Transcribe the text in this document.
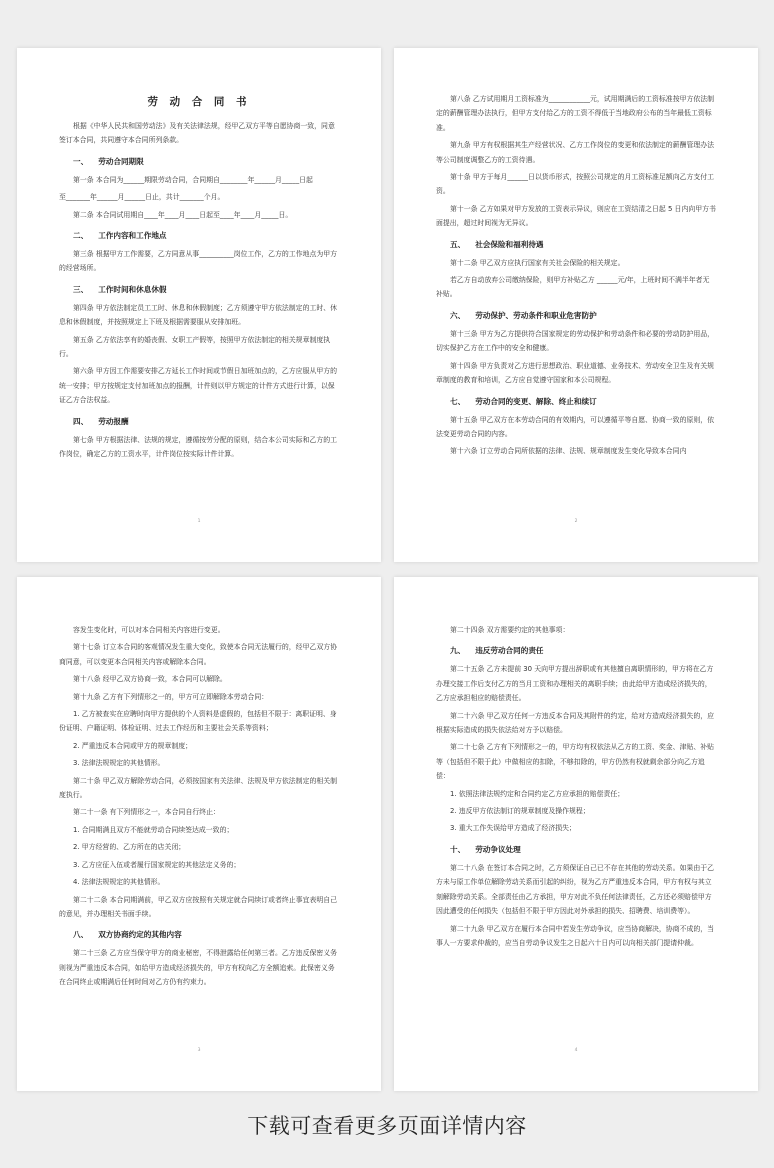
劳 动 合 同 书

根据《中华人民共和国劳动法》及有关法律法规，经甲乙双方平等自愿协商一致，同意签订本合同，共同遵守本合同所列条款。

一、 劳动合同期限

第一条 本合同为______期限劳动合同，合同期自________年______月_____日起

至_______年______月______日止，共计_______个月。

第二条 本合同试用期自____年____月____日起至____年____月_____日。

二、 工作内容和工作地点

第三条 根据甲方工作需要，乙方同意从事__________岗位工作，乙方的工作地点为甲方的经营场所。

三、 工作时间和休息休假

第四条 甲方依法制定员工工时、休息和休假制度；乙方须遵守甲方依法制定的工时、休息和休假制度，并按照规定上下班及根据需要服从安排加班。

第五条 乙方依法享有的婚丧假、女职工产假等，按照甲方依法制定的相关规章制度执行。

第六条 甲方因工作需要安排乙方延长工作时间或节假日加班加点的，乙方应服从甲方的统一安排；甲方按规定支付加班加点的报酬，计件则以甲方规定的计件方式进行计算，以保证乙方合法权益。

四、 劳动报酬

第七条 甲方根据法律、法规的规定，遵循按劳分配的原则，结合本公司实际和乙方的工作岗位，确定乙方的工资水平，计件岗位按实际计件计算。

1

第八条 乙方试用期月工资标准为____________元，试用期满后的工资标准按甲方依法制定的薪酬管理办法执行，但甲方支付给乙方的工资不得低于当地政府公布的当年最低工资标准。

第九条 甲方有权根据其生产经营状况、乙方工作岗位的变更和依法制定的薪酬管理办法等公司制度调整乙方的工资待遇。

第十条 甲方于每月______日以货币形式，按照公司规定的月工资标准足额向乙方支付工资。

第十一条 乙方如果对甲方发放的工资表示异议，则应在工资结清之日起 5 日内向甲方书面提出，超过时间视为无异议。

五、 社会保险和福利待遇

第十二条 甲乙双方应执行国家有关社会保险的相关规定。

若乙方自动放弃公司缴纳保险，则甲方补贴乙方 ______元/年，上班时间不满半年者无补贴。

六、 劳动保护、劳动条件和职业危害防护

第十三条 甲方为乙方提供符合国家规定的劳动保护和劳动条件和必要的劳动防护用品，切实保护乙方在工作中的安全和健康。

第十四条 甲方负责对乙方进行思想政治、职业道德、业务技术、劳动安全卫生及有关规章制度的教育和培训，乙方应自觉遵守国家和本公司规程。

七、 劳动合同的变更、解除、终止和续订

第十五条 甲乙双方在本劳动合同的有效期内，可以遵循平等自愿、协商一致的原则，依法变更劳动合同的内容。

第十六条 订立劳动合同所依据的法律、法规、规章制度发生变化导致本合同内

2

容发生变化时，可以对本合同相关内容进行变更。

第十七条 订立本合同的客观情况发生重大变化，致使本合同无法履行的，经甲乙双方协商同意，可以变更本合同相关内容或解除本合同。

第十八条 经甲乙双方协商一致，本合同可以解除。

第十九条 乙方有下列情形之一的，甲方可立即解除本劳动合同：

1. 乙方被查实在应聘时向甲方提供的个人资料是虚假的，包括但不限于：离职证明、身份证明、户籍证明、体检证明、过去工作经历和主要社会关系等资料；

2. 严重违反本合同或甲方的规章制度；

3. 法律法规规定的其他情形。

第二十条 甲乙双方解除劳动合同，必须按国家有关法律、法规及甲方依法制定的相关制度执行。

第二十一条 有下列情形之一，本合同自行终止：

1. 合同期满且双方不能就劳动合同续签达成一致的；

2. 甲方经营的、乙方所在的店关闭；

3. 乙方应征入伍或者履行国家规定的其他法定义务的；

4. 法律法规规定的其他情形。

第二十二条 本合同期满前，甲乙双方应按照有关规定就合同续订或者终止事宜表明自己的意见，并办理相关书面手续。

八、 双方协商约定的其他内容

第二十三条 乙方应当保守甲方的商业秘密，不得泄露给任何第三者。乙方违反保密义务则视为严重违反本合同，如给甲方造成经济损失的，甲方有权向乙方全额追索。此保密义务在合同终止或期满后任何时间对乙方仍有约束力。

3

第二十四条 双方需要约定的其他事项：

九、 违反劳动合同的责任

第二十五条 乙方未提前 30 天向甲方提出辞职或有其他擅自离职情形的，甲方将在乙方办理交接工作后支付乙方的当月工资和办理相关的离职手续；由此给甲方造成经济损失的，乙方应承担相应的赔偿责任。

第二十六条 甲乙双方任何一方违反本合同及其附件的约定，给对方造成经济损失的，应根据实际造成的损失依法给对方予以赔偿。

第二十七条 乙方有下列情形之一的，甲方均有权依法从乙方的工资、奖金、津贴、补贴等（包括但不限于此）中做相应的扣除，不够扣除的，甲方仍然有权就剩余部分向乙方追偿：

1. 依照法律法规约定和合同约定乙方应承担的赔偿责任；

2. 违反甲方依法制订的规章制度及操作规程；

3. 重大工作失误给甲方造成了经济损失；

十、 劳动争议处理

第二十八条 在签订本合同之时，乙方须保证自己已不存在其他的劳动关系。如果由于乙方未与原工作单位解除劳动关系而引起的纠纷，视为乙方严重违反本合同，甲方有权与其立刻解除劳动关系。全部责任由乙方承担，甲方对此不负任何法律责任，乙方还必须赔偿甲方因此遭受的任何损失（包括但不限于甲方因此对外承担的损失、招聘费、培训费等）。

第二十九条 甲乙双方在履行本合同中若发生劳动争议，应当协商解决，协商不成的，当事人一方要求仲裁的，应当自劳动争议发生之日起六十日内可以向相关部门提请仲裁。

4
下载可查看更多页面详情内容
